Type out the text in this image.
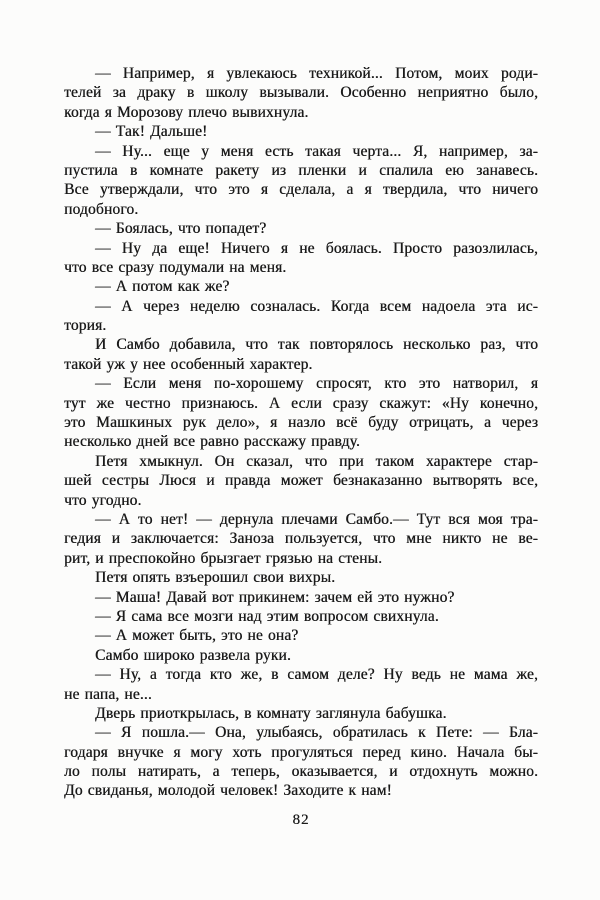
— Например, я увлекаюсь техникой... Потом, моих роди-
телей за драку в школу вызывали. Особенно неприятно было,
когда я Морозову плечо вывихнула.
— Так! Дальше!
— Ну... еще у меня есть такая черта... Я, например, за-
пустила в комнате ракету из пленки и спалила ею занавесь.
Все утверждали, что это я сделала, а я твердила, что ничего
подобного.
— Боялась, что попадет?
— Ну да еще! Ничего я не боялась. Просто разозлилась,
что все сразу подумали на меня.
— А потом как же?
— А через неделю созналась. Когда всем надоела эта ис-
тория.
И Самбо добавила, что так повторялось несколько раз, что
такой уж у нее особенный характер.
— Если меня по-хорошему спросят, кто это натворил, я
тут же честно признаюсь. А если сразу скажут: «Ну конечно,
это Машкиных рук дело», я назло всё буду отрицать, а через
несколько дней все равно расскажу правду.
Петя хмыкнул. Он сказал, что при таком характере стар-
шей сестры Люся и правда может безнаказанно вытворять все,
что угодно.
— А то нет! — дернула плечами Самбо.— Тут вся моя тра-
гедия и заключается: Заноза пользуется, что мне никто не ве-
рит, и преспокойно брызгает грязью на стены.
Петя опять взъерошил свои вихры.
— Маша! Давай вот прикинем: зачем ей это нужно?
— Я сама все мозги над этим вопросом свихнула.
— А может быть, это не она?
Самбо широко развела руки.
— Ну, а тогда кто же, в самом деле? Ну ведь не мама же,
не папа, не...
Дверь приоткрылась, в комнату заглянула бабушка.
— Я пошла.— Она, улыбаясь, обратилась к Пете: — Бла-
годаря внучке я могу хоть прогуляться перед кино. Начала бы-
ло полы натирать, а теперь, оказывается, и отдохнуть можно.
До свиданья, молодой человек! Заходите к нам!
82
